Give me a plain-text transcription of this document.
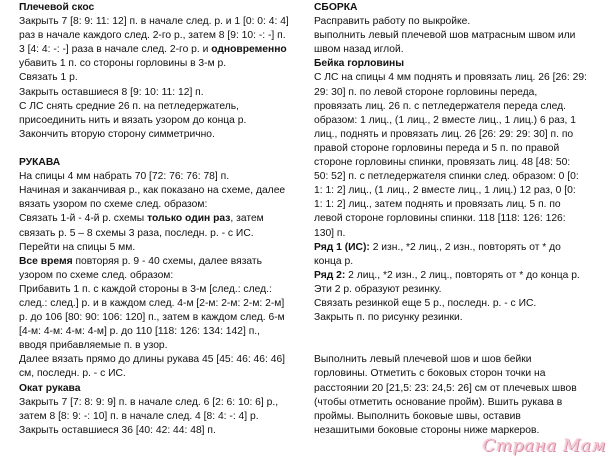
Плечевой скос
Закрыть 7 [8: 9: 11: 12] п. в начале след. р. и 1 [0: 0: 4: 4]
раз в начале каждого след. 2-го р., затем 8 [9: 10: -: -] п.
3 [4: 4: -: -] раза в начале след. 2-го р. и одновременно
убавить 1 п. со стороны горловины в 3-м р.
Связать 1 р.
Закрыть оставшиеся 8 [9: 10: 11: 12] п.
С ЛС снять средние 26 п. на петледержатель,
присоединить нить и вязать узором до конца р.
Закончить вторую сторону симметрично.
РУКАВА
На спицы 4 мм набрать 70 [72: 76: 76: 78] п.
Начиная и заканчивая р., как показано на схеме, далее
вязать узором по схеме след. образом:
Связать 1-й - 4-й р. схемы только один раз, затем
связать р. 5 – 8 схемы 3 раза, последн. р. - с ИС.
Перейти на спицы 5 мм.
Все время повторяя р. 9 - 40 схемы, далее вязать
узором по схеме след. образом:
Прибавить 1 п. с каждой стороны в 3-м [след.: след.:
след.: след.] р. и в каждом след. 4-м [2-м: 2-м: 2-м: 2-м]
р. до 106 [80: 90: 106: 120] п., затем в каждом след. 6-м
[4-м: 4-м: 4-м: 4-м] р. до 110 [118: 126: 134: 142] п.,
вводя прибавляемые п. в узор.
Далее вязать прямо до длины рукава 45 [45: 46: 46: 46]
см, последн. р. - с ИС.
Окат рукава
Закрыть 7 [7: 8: 9: 9] п. в начале след. 6 [2: 6: 10: 6] р.,
затем 8 [8: 9: -: 10] п. в начале след. 4 [8: 4: -: 4] р.
Закрыть оставшиеся 36 [40: 42: 44: 48] п.
СБОРКА
Расправить работу по выкройке.
выполнить левый плечевой шов матрасным швом или
швом назад иглой.
Бейка горловины
С ЛС на спицы 4 мм поднять и провязать лиц. 26 [26: 29:
29: 30] п. по левой стороне горловины переда,
провязать лиц. 26 п. с петледержателя переда след.
образом: 1 лиц., (1 лиц., 2 вместе лиц., 1 лиц.) 6 раз, 1
лиц., поднять и провязать лиц. 26 [26: 29: 29: 30] п. по
правой стороне горловины переда и 5 п. по правой
стороне горловины спинки, провязать лиц. 48 [48: 50:
50: 52] п. с петледержателя спинки след. образом: 0 [0:
1: 1: 2] лиц., (1 лиц., 2 вместе лиц., 1 лиц.) 12 раз, 0 [0:
1: 1: 2] лиц., затем поднять и провязать лиц. 5 п. по
левой стороне горловины спинки. 118 [118: 126: 126:
130] п.
Ряд 1 (ИС): 2 изн., *2 лиц., 2 изн., повторять от * до
конца р.
Ряд 2: 2 лиц., *2 изн., 2 лиц., повторять от * до конца р.
Эти 2 р. образуют резинку.
Связать резинкой еще 5 р., последн. р. - с ИС.
Закрыть п. по рисунку резинки.
Выполнить левый плечевой шов и шов бейки
горловины. Отметить с боковых сторон точки на
расстоянии 20 [21,5: 23: 24,5: 26] см от плечевых швов
(чтобы отметить основание пройм). Вшить рукава в
проймы. Выполнить боковые швы, оставив
незашитыми боковые стороны ниже маркеров.
Страна Мам
